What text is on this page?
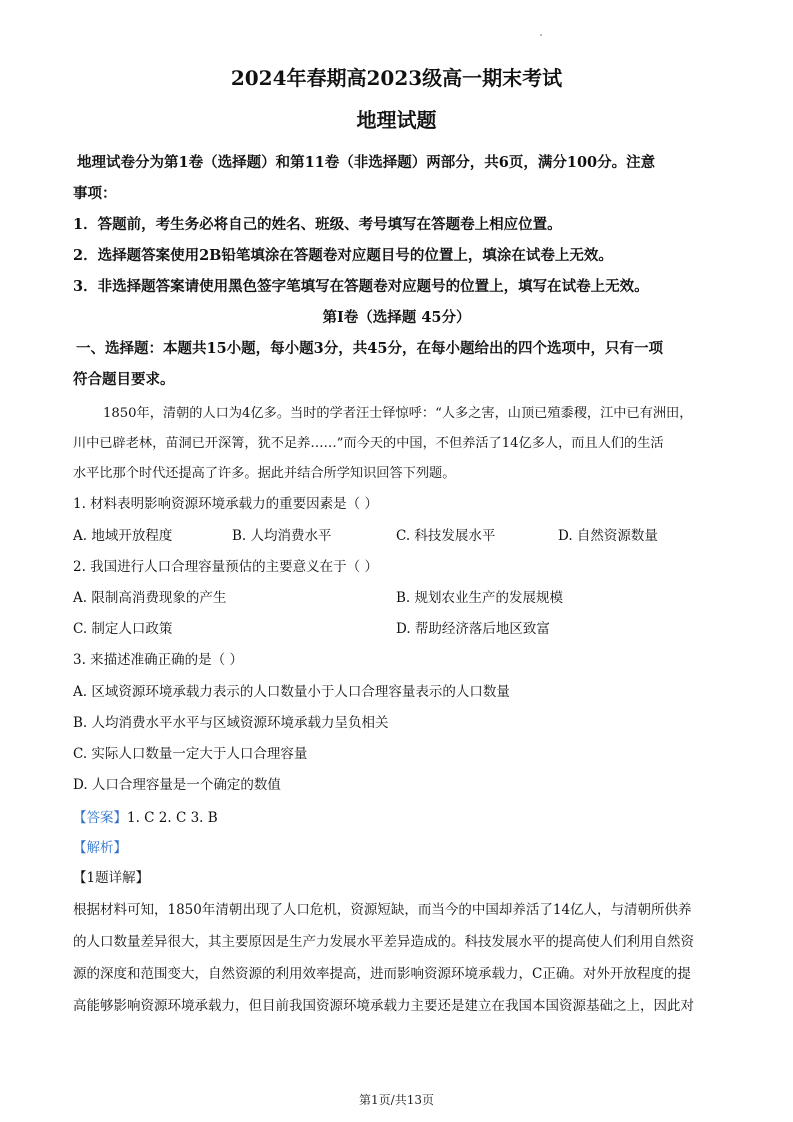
2024年春期高2023级高一期末考试
地理试题
地理试卷分为第1卷（选择题）和第11卷（非选择题）两部分，共6页，满分100分。注意
事项：
1．答题前，考生务必将自己的姓名、班级、考号填写在答题卷上相应位置。
2．选择题答案使用2B铅笔填涂在答题卷对应题目号的位置上，填涂在试卷上无效。
3．非选择题答案请使用黑色签字笔填写在答题卷对应题号的位置上，填写在试卷上无效。
第I卷（选择题 45分）
一、选择题：本题共15小题，每小题3分，共45分，在每小题给出的四个选项中，只有一项
符合题目要求。
1850年，清朝的人口为4亿多。当时的学者汪士铎惊呼：“人多之害，山顶已殖黍稷，江中已有洲田，
川中已辟老林，苗洞已开深箐，犹不足养……”而今天的中国，不但养活了14亿多人，而且人们的生活
水平比那个时代还提高了许多。据此并结合所学知识回答下列题。
1. 材料表明影响资源环境承载力的重要因素是（ ）
A. 地域开放程度	B. 人均消费水平	C. 科技发展水平	D. 自然资源数量
2. 我国进行人口合理容量预估的主要意义在于（ ）
A. 限制高消费现象的产生	B. 规划农业生产的发展规模
C. 制定人口政策	D. 帮助经济落后地区致富
3. 来描述准确正确的是（ ）
A. 区域资源环境承载力表示的人口数量小于人口合理容量表示的人口数量
B. 人均消费水平水平与区域资源环境承载力呈负相关
C. 实际人口数量一定大于人口合理容量
D. 人口合理容量是一个确定的数值
【答案】1. C 2. C 3. B
【解析】
【1题详解】
根据材料可知，1850年清朝出现了人口危机，资源短缺，而当今的中国却养活了14亿人，与清朝所供养
的人口数量差异很大，其主要原因是生产力发展水平差异造成的。科技发展水平的提高使人们利用自然资
源的深度和范围变大，自然资源的利用效率提高，进而影响资源环境承载力，C正确。对外开放程度的提
高能够影响资源环境承载力，但目前我国资源环境承载力主要还是建立在我国本国资源基础之上，因此对
第1页/共13页
